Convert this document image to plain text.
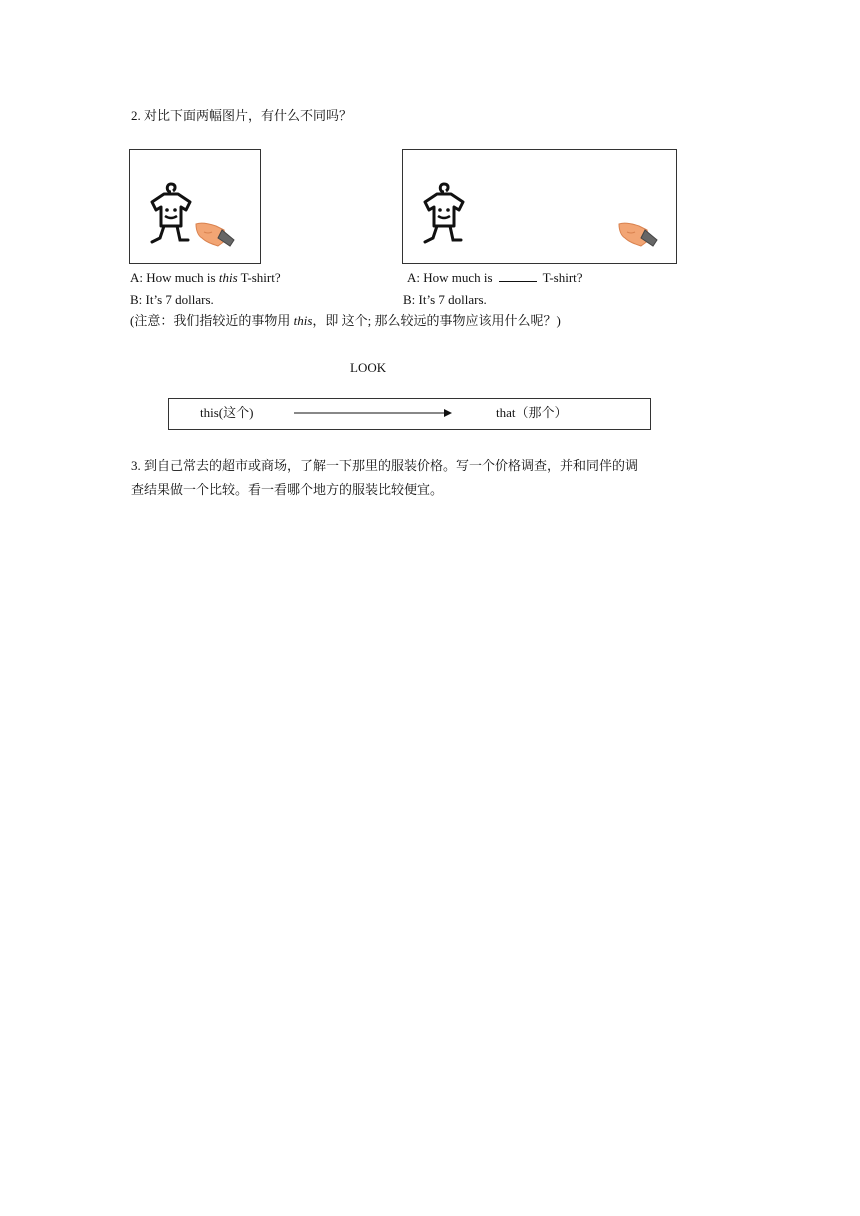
2. 对比下面两幅图片，有什么不同吗？
A: How much is this T-shirt?	A: How much is	T-shirt?
B: It’s 7 dollars.	B: It’s 7 dollars.
(注意：我们指较近的事物用 this，即 这个; 那么较远的事物应该用什么呢？)
LOOK
this(这个)	that（那个）
3. 到自己常去的超市或商场，了解一下那里的服装价格。写一个价格调查，并和同伴的调
查结果做一个比较。看一看哪个地方的服装比较便宜。
